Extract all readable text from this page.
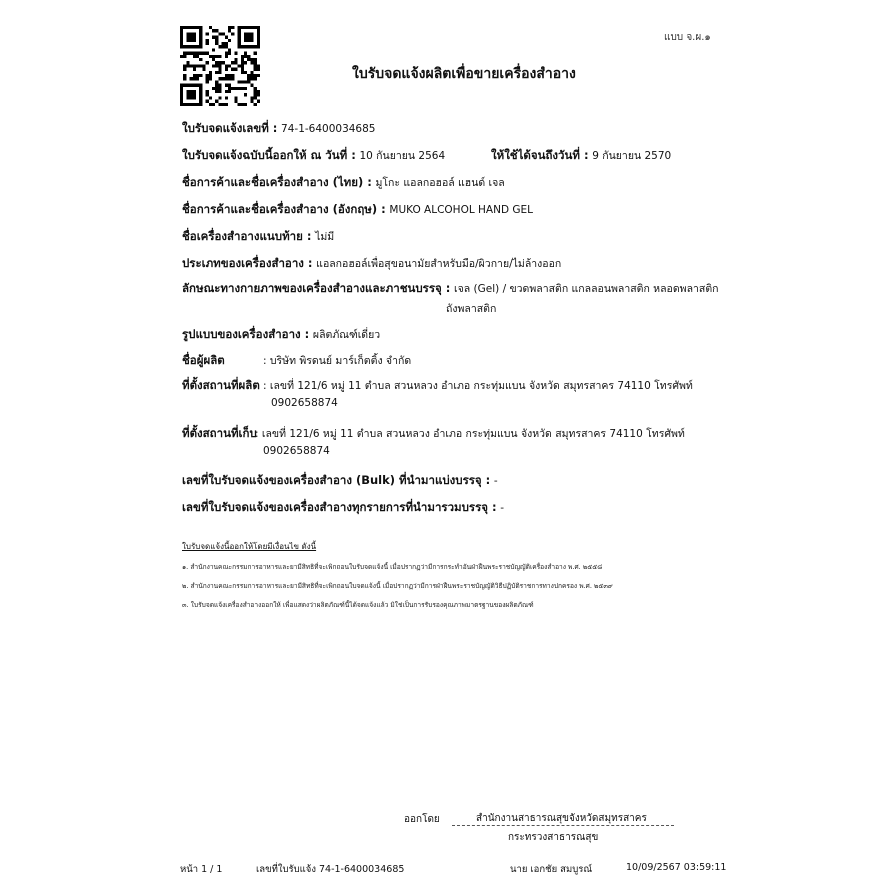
แบบ จ.ผ.๑
ใบรับจดแจ้งผลิตเพื่อขายเครื่องสำอาง
ใบรับจดแจ้งเลขที่ : 74-1-6400034685
ใบรับจดแจ้งฉบับนี้ออกให้ ณ วันที่ : 10 กันยายน 2564	ให้ใช้ได้จนถึงวันที่ : 9 กันยายน 2570
ชื่อการค้าและชื่อเครื่องสำอาง (ไทย) : มูโกะ แอลกอฮอล์ แฮนด์ เจล
ชื่อการค้าและชื่อเครื่องสำอาง (อังกฤษ) : MUKO ALCOHOL HAND GEL
ชื่อเครื่องสำอางแนบท้าย : ไม่มี
ประเภทของเครื่องสำอาง : แอลกอฮอล์เพื่อสุขอนามัยสำหรับมือ/ผิวกาย/ไม่ล้างออก
ลักษณะทางกายภาพของเครื่องสำอางและภาชนบรรจุ : เจล (Gel) / ขวดพลาสติก แกลลอนพลาสติก หลอดพลาสติก
ถังพลาสติก
รูปแบบของเครื่องสำอาง : ผลิตภัณฑ์เดี่ยว
ชื่อผู้ผลิต	: บริษัท พิรดนย์ มาร์เก็ตติ้ง จำกัด
ที่ตั้งสถานที่ผลิต : เลขที่ 121/6 หมู่ 11 ตำบล สวนหลวง อำเภอ กระทุ่มแบน จังหวัด สมุทรสาคร 74110 โทรศัพท์
0902658874
ที่ตั้งสถานที่เก็บ
: เลขที่ 121/6 หมู่ 11 ตำบล สวนหลวง อำเภอ กระทุ่มแบน จังหวัด สมุทรสาคร 74110 โทรศัพท์
0902658874
เลขที่ใบรับจดแจ้งของเครื่องสำอาง (Bulk) ที่นำมาแบ่งบรรจุ : -
เลขที่ใบรับจดแจ้งของเครื่องสำอางทุกรายการที่นำมารวมบรรจุ : -
ใบรับจดแจ้งนี้ออกให้โดยมีเงื่อนไข ดังนี้
๑. สำนักงานคณะกรรมการอาหารและยามีสิทธิที่จะเพิกถอนใบรับจดแจ้งนี้ เมื่อปรากฏว่ามีการกระทำอันฝ่าฝืนพระราชบัญญัติเครื่องสำอาง พ.ศ. ๒๕๕๘
๒. สำนักงานคณะกรรมการอาหารและยามีสิทธิที่จะเพิกถอนใบจดแจ้งนี้ เมื่อปรากฏว่ามีการฝ่าฝืนพระราชบัญญัติวิธีปฏิบัติราชการทางปกครอง พ.ศ. ๒๕๓๙
๓. ใบรับจดแจ้งเครื่องสำอางออกให้ เพื่อแสดงว่าผลิตภัณฑ์นี้ได้จดแจ้งแล้ว มิใช่เป็นการรับรองคุณภาพมาตรฐานของผลิตภัณฑ์
ออกโดย	สำนักงานสาธารณสุขจังหวัดสมุทรสาคร
กระทรวงสาธารณสุข
หน้า 1 / 1	เลขที่ใบรับแจ้ง 74-1-6400034685	นาย เอกชัย สมบูรณ์	10/09/2567 03:59:11
